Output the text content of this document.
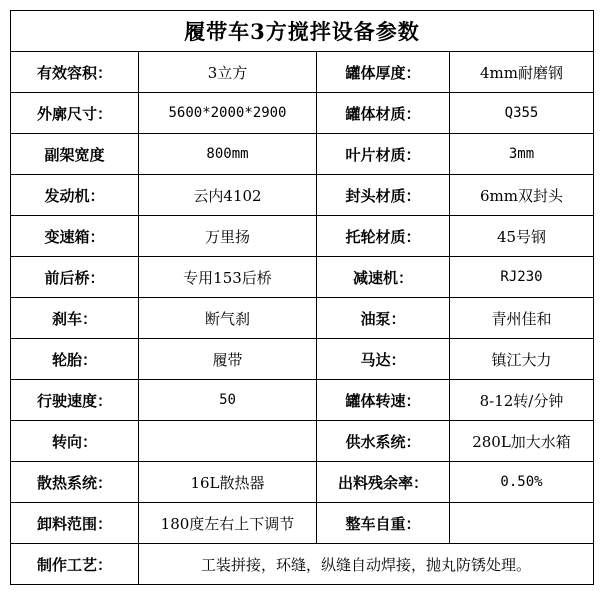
履带车3方搅拌设备参数			
有效容积：	3立方	罐体厚度：	4mm耐磨钢
外廓尺寸：	5600*2000*2900	罐体材质：	Q355
副架宽度	800mm	叶片材质：	3mm
发动机：	云内4102	封头材质：	6mm双封头
变速箱：	万里扬	托轮材质：	45号钢
前后桥：	专用153后桥	减速机：	RJ230
刹车：	断气刹	油泵：	青州佳和
轮胎：	履带	马达：	镇江大力
行驶速度：	50	罐体转速：	8-12转/分钟
转向：		供水系统：	280L加大水箱
散热系统：	16L散热器	出料残余率：	0.50%
卸料范围：	180度左右上下调节	整车自重：	
制作工艺：	工装拼接，环缝，纵缝自动焊接，抛丸防锈处理。		
